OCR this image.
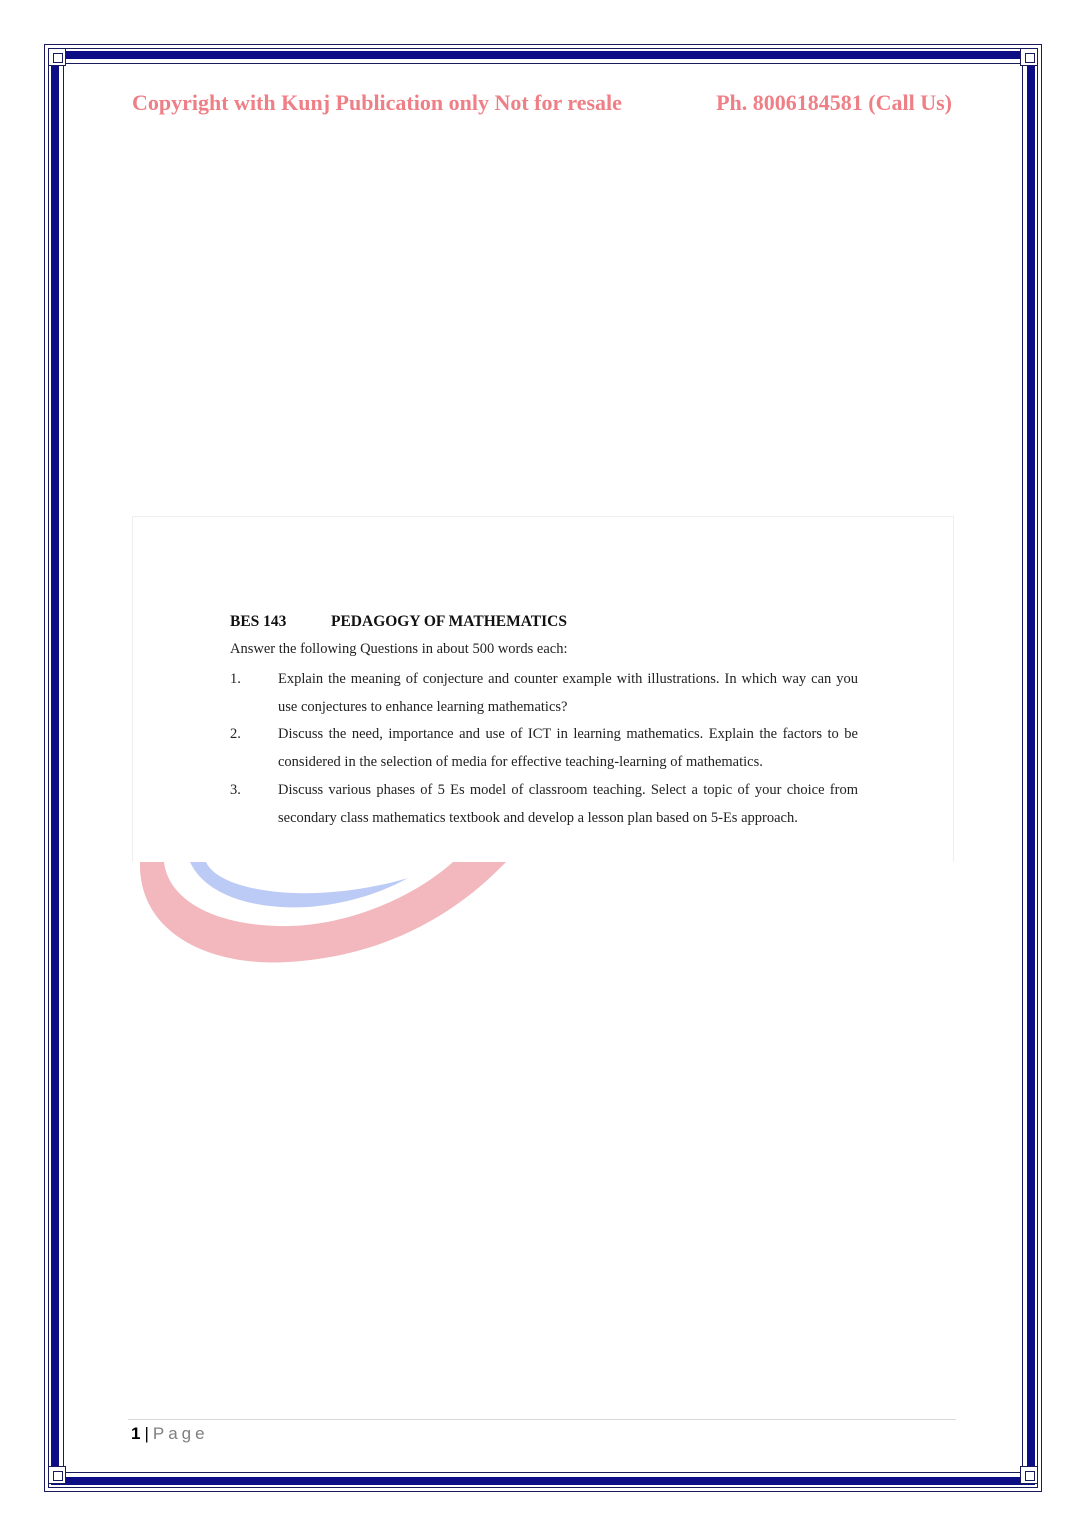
Copyright with Kunj Publication only Not for resale	Ph. 8006184581 (Call Us)
BES 143	PEDAGOGY OF MATHEMATICS
Answer the following Questions in about 500 words each:
1.	Explain the meaning of conjecture and counter example with illustrations. In which way can you use conjectures to enhance learning mathematics?
2.	Discuss the need, importance and use of ICT in learning mathematics. Explain the factors to be considered in the selection of media for effective teaching-learning of mathematics.
3.	Discuss various phases of 5 Es model of classroom teaching. Select a topic of your choice from secondary class mathematics textbook and develop a lesson plan based on 5-Es approach.
1 | Page
